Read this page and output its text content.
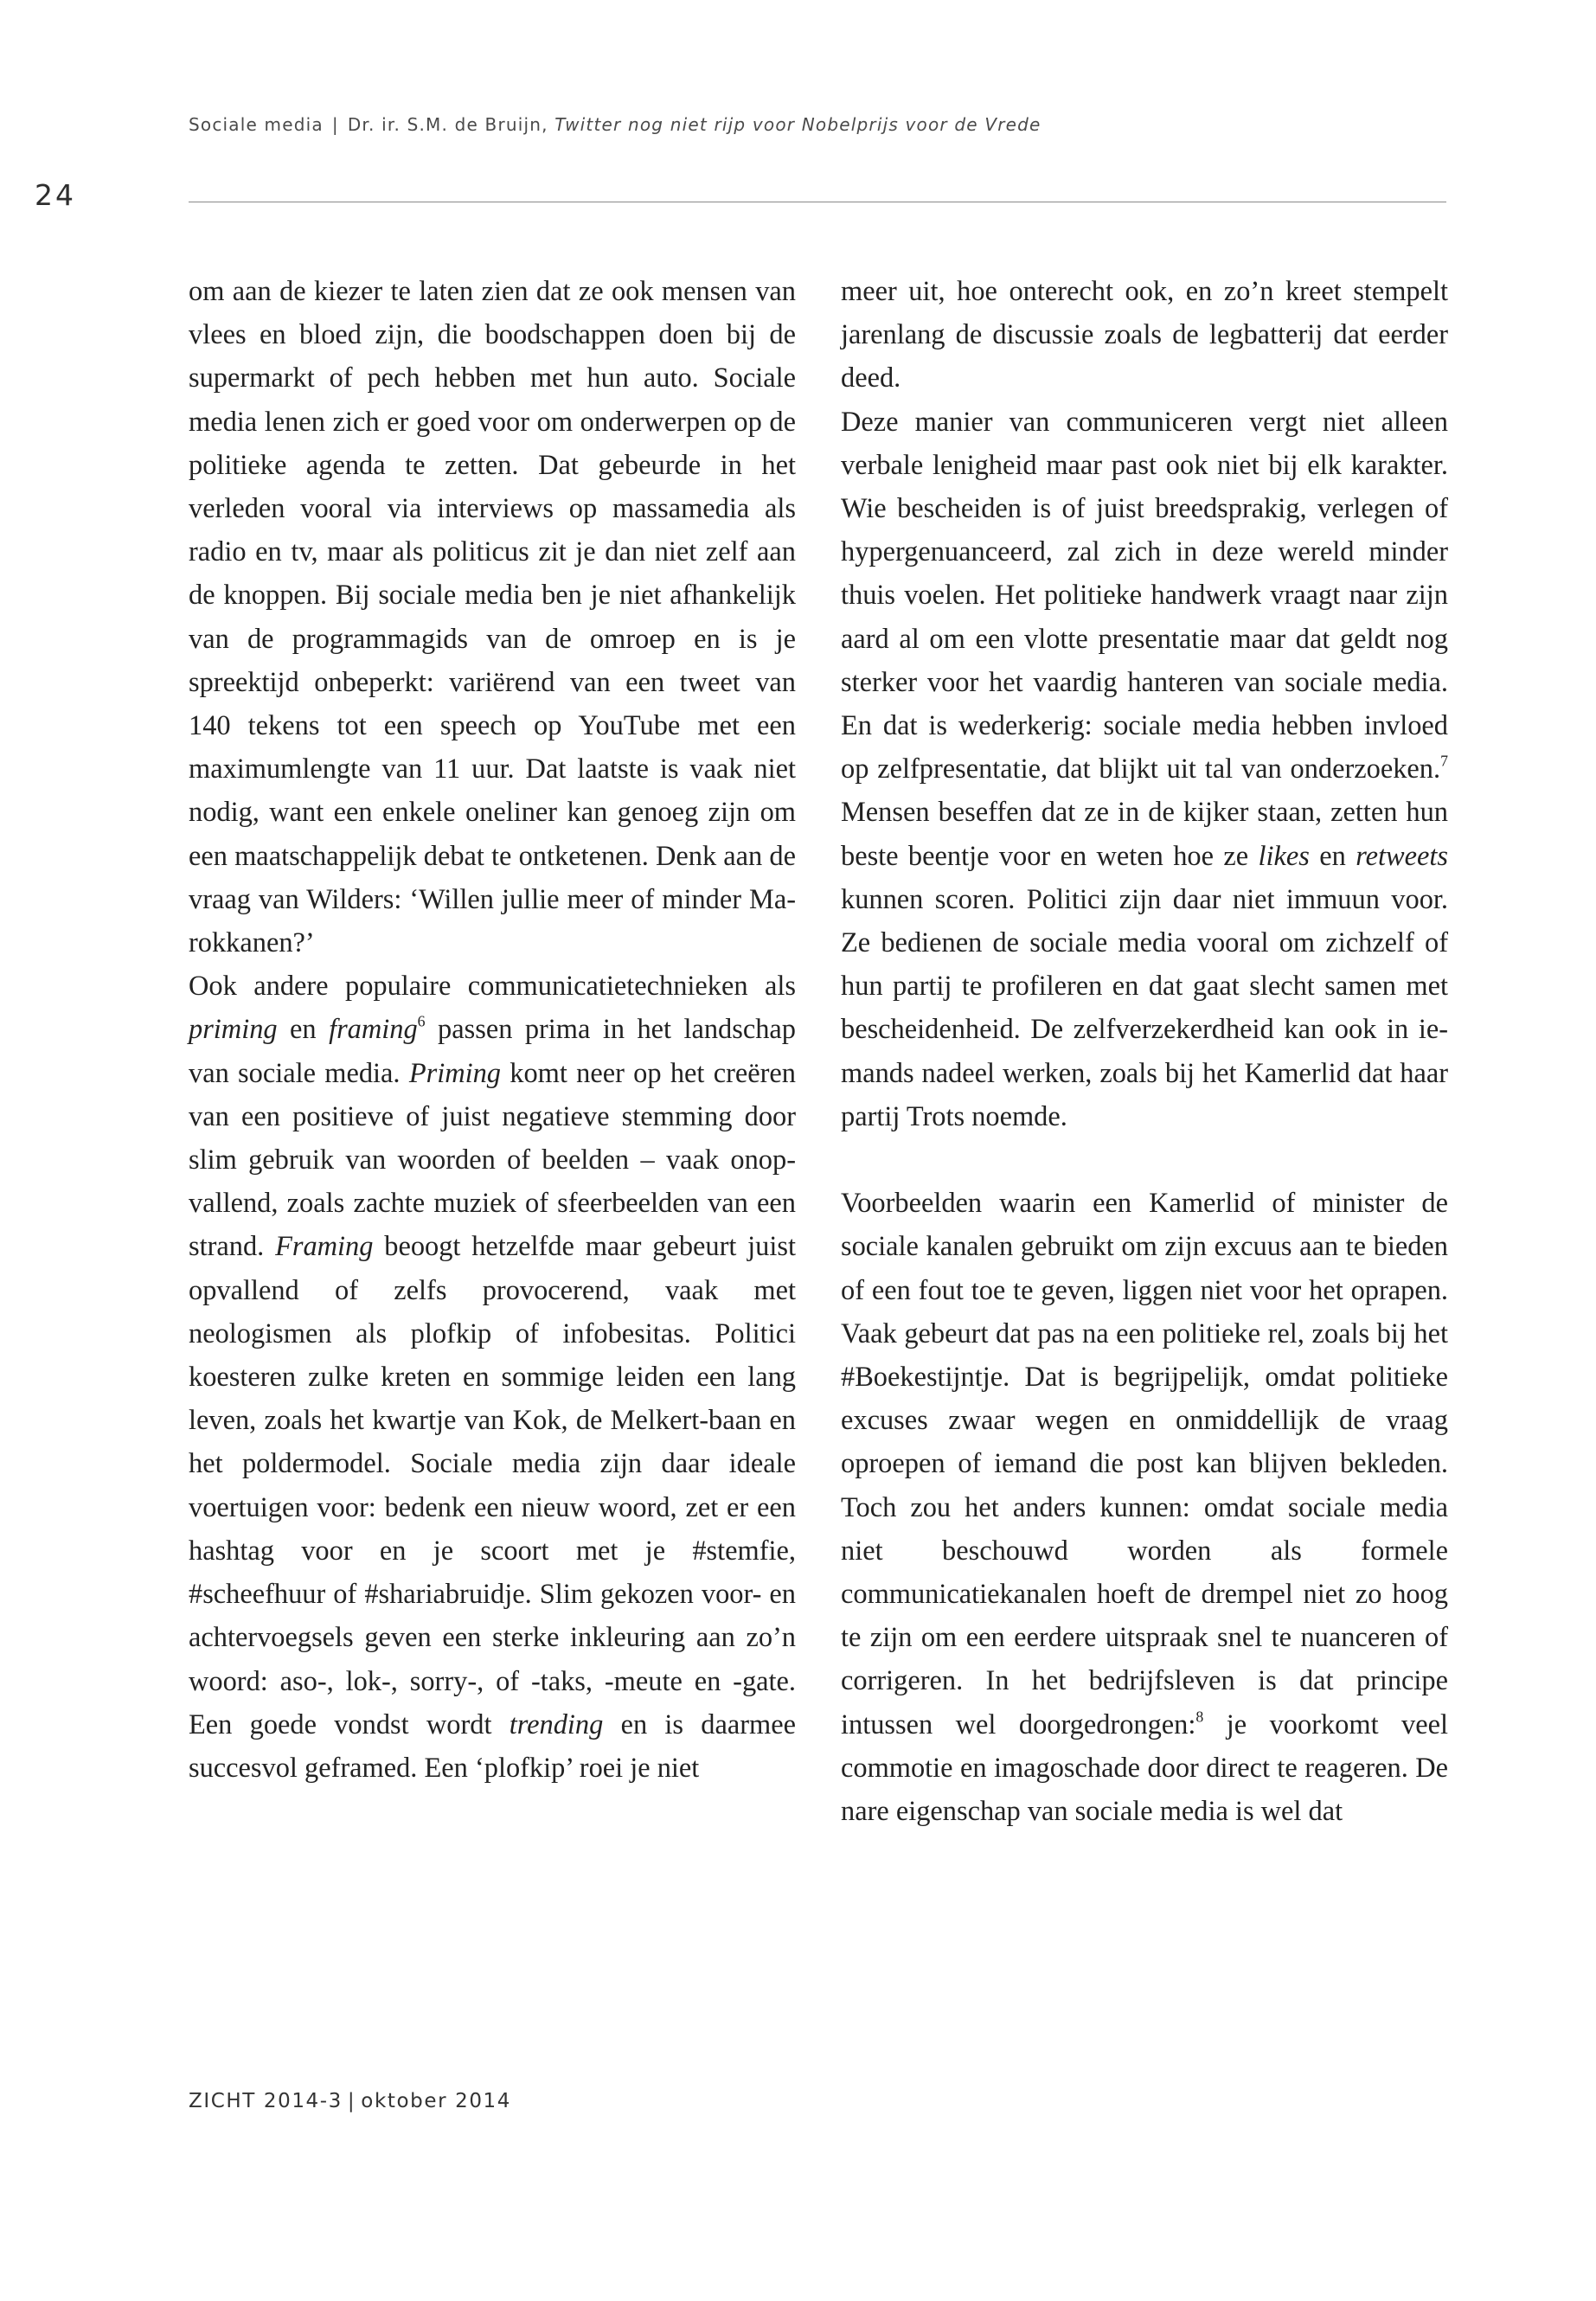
Sociale media | Dr. ir. S.M. de Bruijn, Twitter nog niet rijp voor Nobelprijs voor de Vrede
24

om aan de kiezer te laten zien dat ze ook mensen van vlees en bloed zijn, die boodschappen doen bij de supermarkt of pech hebben met hun auto. Sociale media lenen zich er goed voor om onderwerpen op de politieke agenda te zetten. Dat gebeurde in het verleden vooral via interviews op massamedia als radio en tv, maar als politicus zit je dan niet zelf aan de knoppen. Bij sociale media ben je niet afhankelijk van de programmagids van de omroep en is je spreektijd onbeperkt: variërend van een tweet van 140 tekens tot een speech op YouTube met een maximumlengte van 11 uur. Dat laatste is vaak niet nodig, want een enkele oneliner kan genoeg zijn om een maatschappelijk debat te ontketenen. Denk aan de vraag van Wilders: ‘Willen jullie meer of minder Marokkanen?’

Ook andere populaire communicatietechnieken als priming en framing$^6$ passen prima in het landschap van sociale media. Priming komt neer op het creëren van een positieve of juist negatieve stemming door slim gebruik van woorden of beelden – vaak onopvallend, zoals zachte muziek of sfeerbeelden van een strand. Framing beoogt hetzelfde maar gebeurt juist opvallend of zelfs provocerend, vaak met neologismen als plofkip of infobesitas. Politici koesteren zulke kreten en sommige leiden een lang leven, zoals het kwartje van Kok, de Melkert-baan en het poldermodel. Sociale media zijn daar ideale voertuigen voor: bedenk een nieuw woord, zet er een hashtag voor en je scoort met je #stemfie, #scheefhuur of #shariabruidje. Slim gekozen voor- en achtervoegsels geven een sterke inkleuring aan zo’n woord: aso-, lok-, sorry-, of -taks, -meute en -gate. Een goede vondst wordt trending en is daarmee succesvol geframed. Een ‘plofkip’ roei je niet

meer uit, hoe onterecht ook, en zo’n kreet stempelt jarenlang de discussie zoals de legbatterij dat eerder deed.

Deze manier van communiceren vergt niet alleen verbale lenigheid maar past ook niet bij elk karakter. Wie bescheiden is of juist breedsprakig, verlegen of hypergenuanceerd, zal zich in deze wereld minder thuis voelen. Het politieke handwerk vraagt naar zijn aard al om een vlotte presentatie maar dat geldt nog sterker voor het vaardig hanteren van sociale media. En dat is wederkerig: sociale media hebben invloed op zelfpresentatie, dat blijkt uit tal van onderzoeken.$^7$ Mensen beseffen dat ze in de kijker staan, zetten hun beste beentje voor en weten hoe ze likes en retweets kunnen scoren. Politici zijn daar niet immuun voor. Ze bedienen de sociale media vooral om zichzelf of hun partij te profileren en dat gaat slecht samen met bescheidenheid. De zelfverzekerdheid kan ook in iemands nadeel werken, zoals bij het Kamerlid dat haar partij Trots noemde.

Voorbeelden waarin een Kamerlid of minister de sociale kanalen gebruikt om zijn excuus aan te bieden of een fout toe te geven, liggen niet voor het oprapen. Vaak gebeurt dat pas na een politieke rel, zoals bij het #Boekestijntje. Dat is begrijpelijk, omdat politieke excuses zwaar wegen en onmiddellijk de vraag oproepen of iemand die post kan blijven bekleden. Toch zou het anders kunnen: omdat sociale media niet beschouwd worden als formele communicatiekanalen hoeft de drempel niet zo hoog te zijn om een eerdere uitspraak snel te nuanceren of corrigeren. In het bedrijfsleven is dat principe intussen wel doorgedrongen:$^8$ je voorkomt veel commotie en imagoschade door direct te reageren. De nare eigenschap van sociale media is wel dat

ZICHT 2014-3 | oktober 2014
